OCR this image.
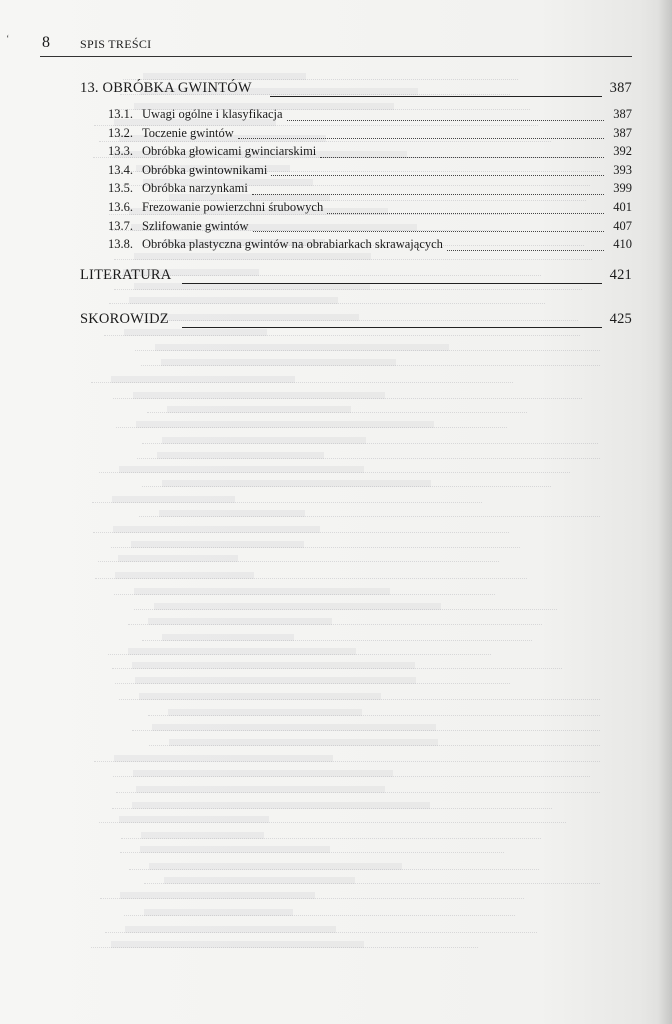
‘ 8	SPIS TREŚCI
13. OBRÓBKA GWINTÓW	387
13.1. Uwagi ogólne i klasyfikacja	387
13.2. Toczenie gwintów	387
13.3. Obróbka głowicami gwinciarskimi	392
13.4. Obróbka gwintownikami	393
13.5. Obróbka narzynkami	399
13.6. Frezowanie powierzchni śrubowych	401
13.7. Szlifowanie gwintów	407
13.8. Obróbka plastyczna gwintów na obrabiarkach skrawających	410
LITERATURA	421
SKOROWIDZ	425
